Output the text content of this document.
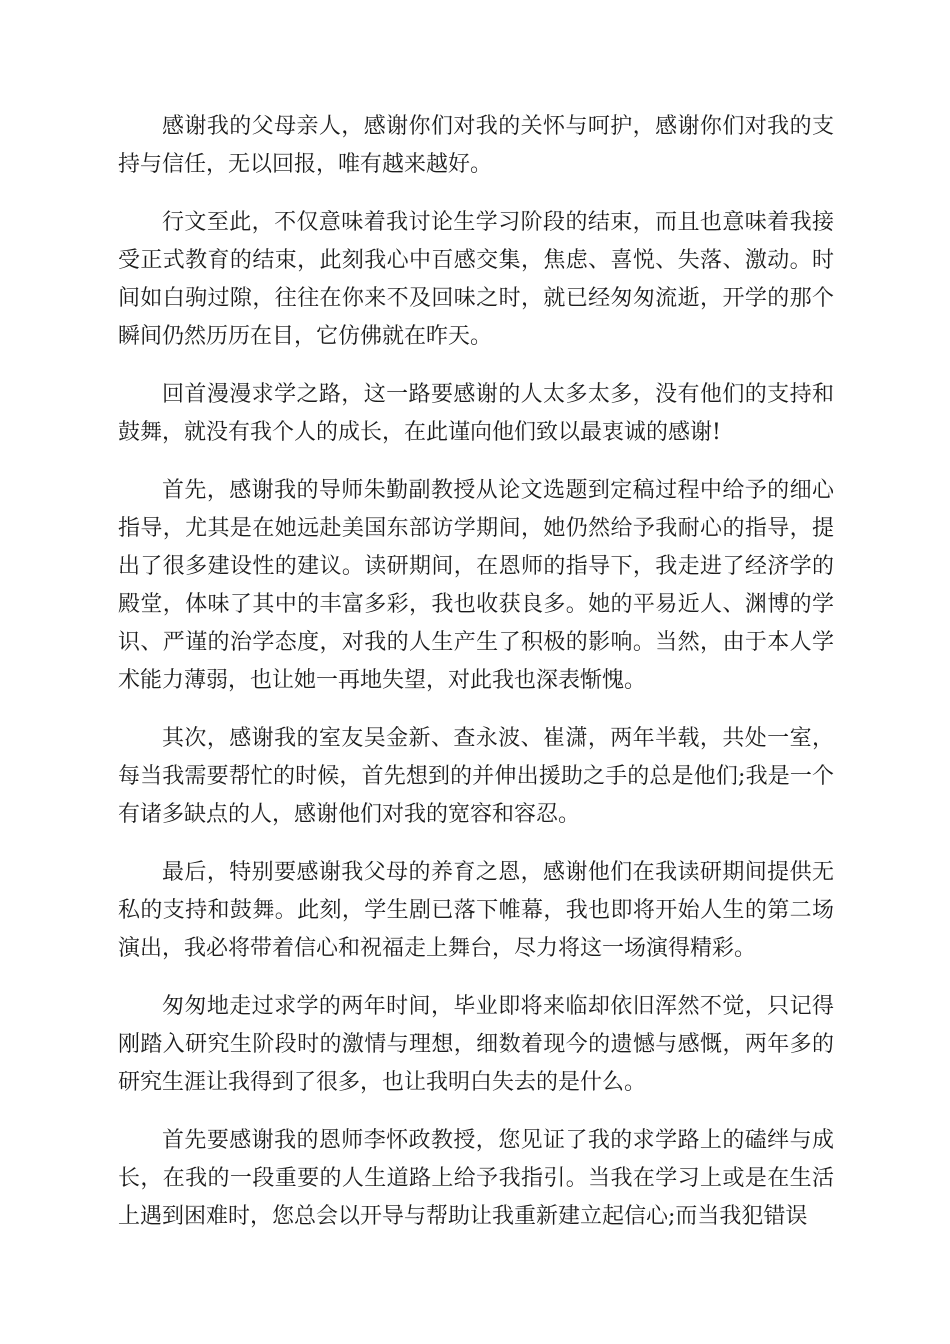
感谢我的父母亲人，感谢你们对我的关怀与呵护，感谢你们对我的支持与信任，无以回报，唯有越来越好。

行文至此，不仅意味着我讨论生学习阶段的结束，而且也意味着我接受正式教育的结束，此刻我心中百感交集，焦虑、喜悦、失落、激动。时间如白驹过隙，往往在你来不及回味之时，就已经匆匆流逝，开学的那个瞬间仍然历历在目，它仿佛就在昨天。

回首漫漫求学之路，这一路要感谢的人太多太多，没有他们的支持和鼓舞，就没有我个人的成长，在此谨向他们致以最衷诚的感谢!

首先，感谢我的导师朱勤副教授从论文选题到定稿过程中给予的细心指导，尤其是在她远赴美国东部访学期间，她仍然给予我耐心的指导，提出了很多建设性的建议。读研期间，在恩师的指导下，我走进了经济学的殿堂，体味了其中的丰富多彩，我也收获良多。她的平易近人、渊博的学识、严谨的治学态度，对我的人生产生了积极的影响。当然，由于本人学术能力薄弱，也让她一再地失望，对此我也深表惭愧。

其次，感谢我的室友吴金新、查永波、崔潇，两年半载，共处一室，每当我需要帮忙的时候，首先想到的并伸出援助之手的总是他们;我是一个有诸多缺点的人，感谢他们对我的宽容和容忍。

最后，特别要感谢我父母的养育之恩，感谢他们在我读研期间提供无私的支持和鼓舞。此刻，学生剧已落下帷幕，我也即将开始人生的第二场演出，我必将带着信心和祝福走上舞台，尽力将这一场演得精彩。

匆匆地走过求学的两年时间，毕业即将来临却依旧浑然不觉，只记得刚踏入研究生阶段时的激情与理想，细数着现今的遗憾与感慨，两年多的研究生涯让我得到了很多，也让我明白失去的是什么。

首先要感谢我的恩师李怀政教授，您见证了我的求学路上的磕绊与成长，在我的一段重要的人生道路上给予我指引。当我在学习上或是在生活上遇到困难时，您总会以开导与帮助让我重新建立起信心;而当我犯错误
